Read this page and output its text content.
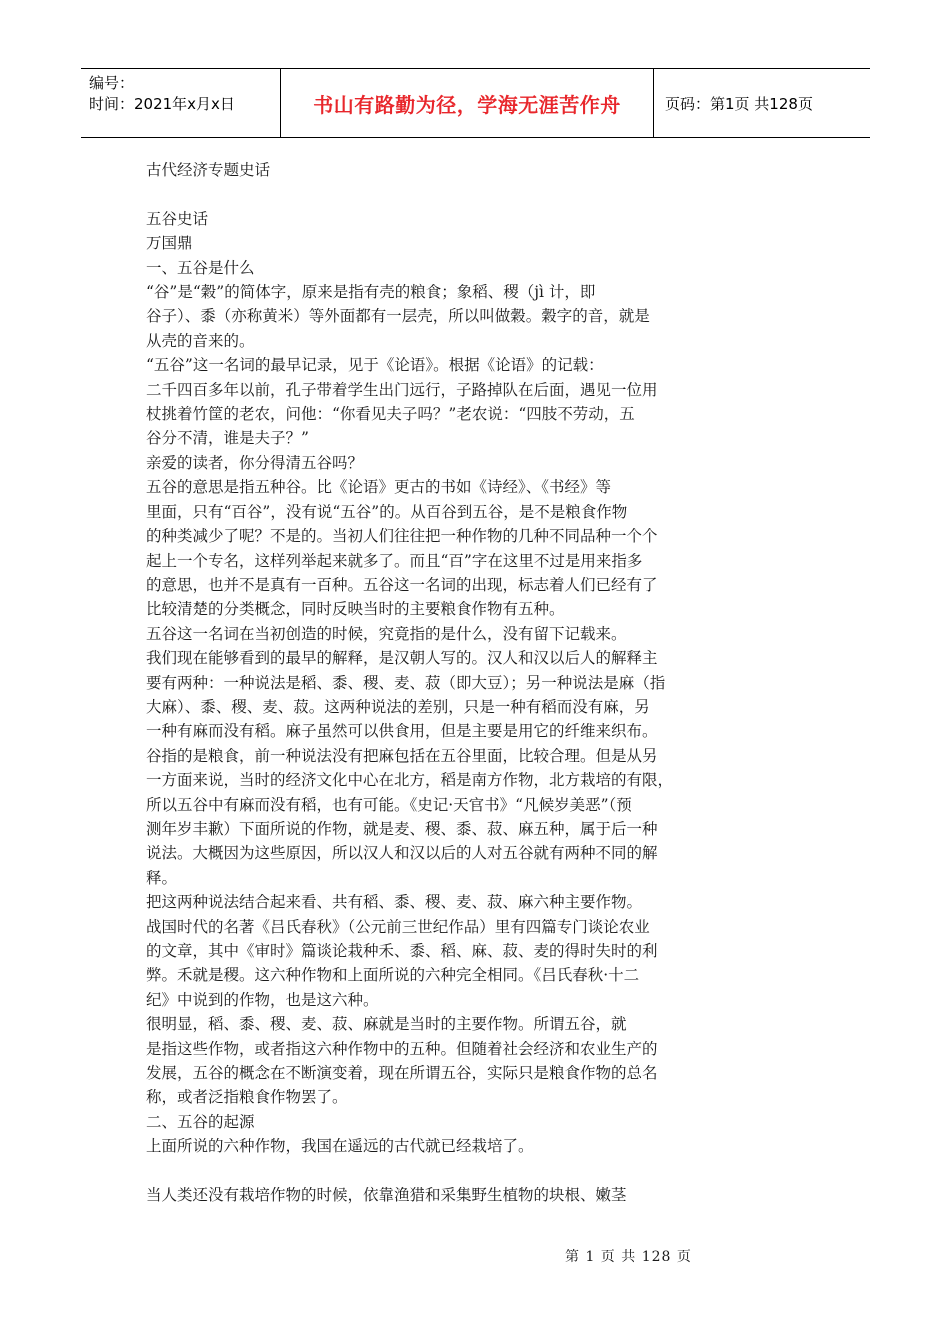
编号：
时间：2021年x月x日	书山有路勤为径，学海无涯苦作舟	页码：第1页 共128页

古代经济专题史话

五谷史话

万国鼎

一、五谷是什么

“谷”是“穀”的简体字，原来是指有壳的粮食；象稻、稷（jì 计，即

谷子）、黍（亦称黄米）等外面都有一层壳，所以叫做穀。穀字的音，就是

从壳的音来的。

“五谷”这一名词的最早记录，见于《论语》。根据《论语》的记载：

二千四百多年以前，孔子带着学生出门远行，子路掉队在后面，遇见一位用

杖挑着竹筐的老农，问他：“你看见夫子吗？”老农说：“四肢不劳动，五

谷分不清，谁是夫子？”

亲爱的读者，你分得清五谷吗？

五谷的意思是指五种谷。比《论语》更古的书如《诗经》、《书经》等

里面，只有“百谷”，没有说“五谷”的。从百谷到五谷，是不是粮食作物

的种类减少了呢？不是的。当初人们往往把一种作物的几种不同品种一个个

起上一个专名，这样列举起来就多了。而且“百”字在这里不过是用来指多

的意思，也并不是真有一百种。五谷这一名词的出现，标志着人们已经有了

比较清楚的分类概念，同时反映当时的主要粮食作物有五种。

五谷这一名词在当初创造的时候，究竟指的是什么，没有留下记载来。

我们现在能够看到的最早的解释，是汉朝人写的。汉人和汉以后人的解释主

要有两种：一种说法是稻、黍、稷、麦、菽（即大豆）；另一种说法是麻（指

大麻）、黍、稷、麦、菽。这两种说法的差别，只是一种有稻而没有麻，另

一种有麻而没有稻。麻子虽然可以供食用，但是主要是用它的纤维来织布。

谷指的是粮食，前一种说法没有把麻包括在五谷里面，比较合理。但是从另

一方面来说，当时的经济文化中心在北方，稻是南方作物，北方栽培的有限，

所以五谷中有麻而没有稻，也有可能。《史记·天官书》“凡候岁美恶”（预

测年岁丰歉）下面所说的作物，就是麦、稷、黍、菽、麻五种，属于后一种

说法。大概因为这些原因，所以汉人和汉以后的人对五谷就有两种不同的解

释。

把这两种说法结合起来看、共有稻、黍、稷、麦、菽、麻六种主要作物。

战国时代的名著《吕氏春秋》（公元前三世纪作品）里有四篇专门谈论农业

的文章，其中《审时》篇谈论栽种禾、黍、稻、麻、菽、麦的得时失时的利

弊。禾就是稷。这六种作物和上面所说的六种完全相同。《吕氏春秋·十二

纪》中说到的作物，也是这六种。

很明显，稻、黍、稷、麦、菽、麻就是当时的主要作物。所谓五谷，就

是指这些作物，或者指这六种作物中的五种。但随着社会经济和农业生产的

发展，五谷的概念在不断演变着，现在所谓五谷，实际只是粮食作物的总名

称，或者泛指粮食作物罢了。

二、五谷的起源

上面所说的六种作物，我国在遥远的古代就已经栽培了。

当人类还没有栽培作物的时候，依靠渔猎和采集野生植物的块根、嫩茎

第 1 页 共 128 页
